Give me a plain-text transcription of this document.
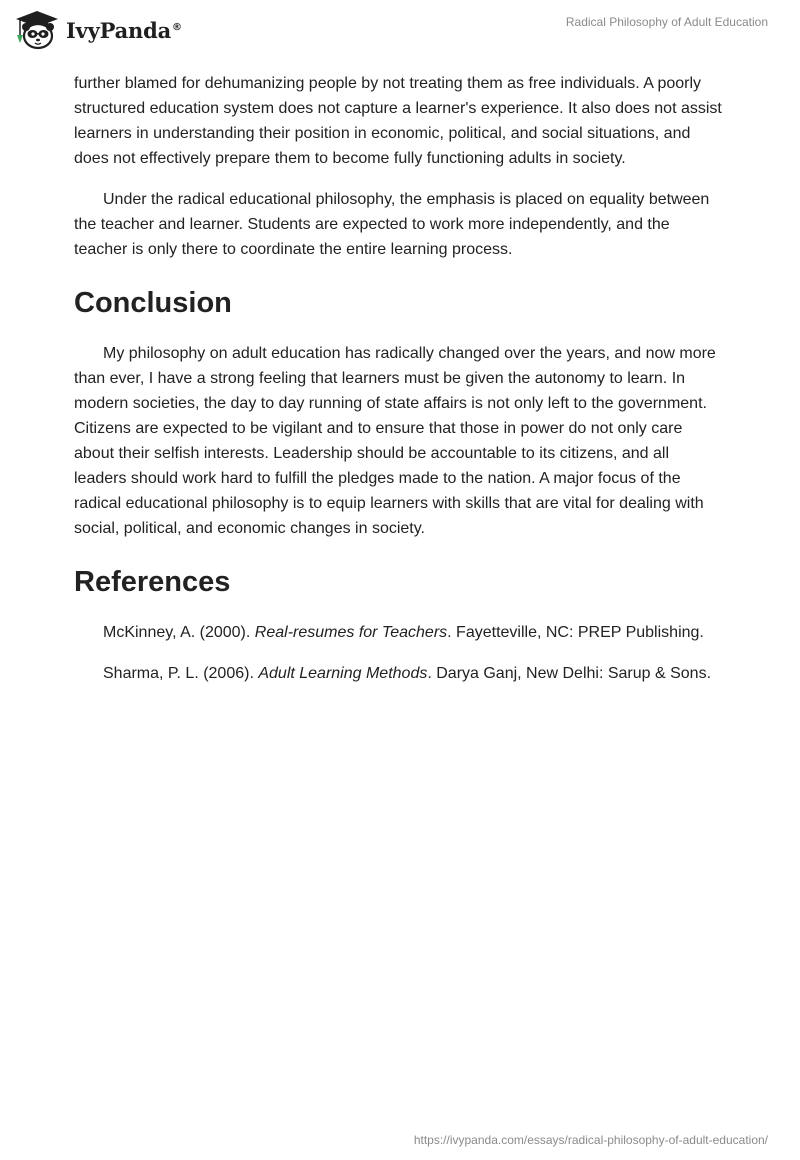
IvyPanda®	Radical Philosophy of Adult Education

further blamed for dehumanizing people by not treating them as free individuals. A poorly structured education system does not capture a learner's experience. It also does not assist learners in understanding their position in economic, political, and social situations, and does not effectively prepare them to become fully functioning adults in society.

Under the radical educational philosophy, the emphasis is placed on equality between the teacher and learner. Students are expected to work more independently, and the teacher is only there to coordinate the entire learning process.

Conclusion

My philosophy on adult education has radically changed over the years, and now more than ever, I have a strong feeling that learners must be given the autonomy to learn. In modern societies, the day to day running of state affairs is not only left to the government. Citizens are expected to be vigilant and to ensure that those in power do not only care about their selfish interests. Leadership should be accountable to its citizens, and all leaders should work hard to fulfill the pledges made to the nation. A major focus of the radical educational philosophy is to equip learners with skills that are vital for dealing with social, political, and economic changes in society.

References

McKinney, A. (2000). Real-resumes for Teachers. Fayetteville, NC: PREP Publishing.

Sharma, P. L. (2006). Adult Learning Methods. Darya Ganj, New Delhi: Sarup & Sons.

https://ivypanda.com/essays/radical-philosophy-of-adult-education/
